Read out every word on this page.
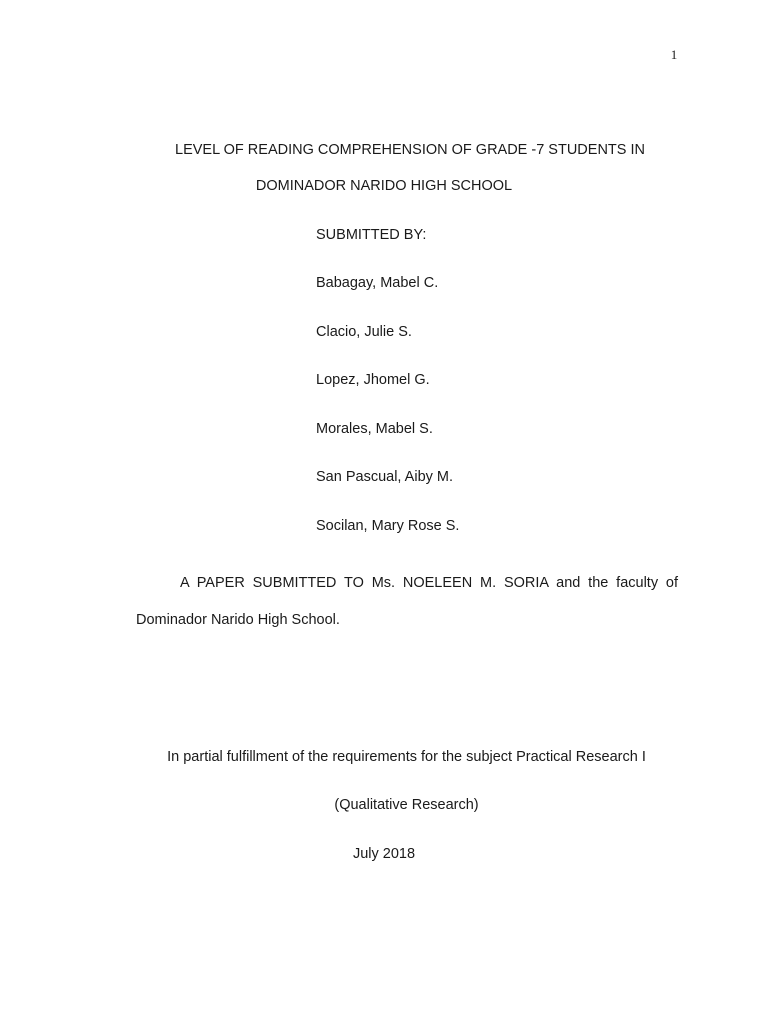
1
LEVEL OF READING COMPREHENSION OF GRADE -7 STUDENTS IN
DOMINADOR NARIDO HIGH SCHOOL
SUBMITTED BY:
Babagay, Mabel C.
Clacio, Julie S.
Lopez, Jhomel G.
Morales, Mabel S.
San Pascual, Aiby M.
Socilan, Mary Rose S.
A PAPER SUBMITTED TO Ms. NOELEEN M. SORIA and the faculty of Dominador Narido High School.
In partial fulfillment of the requirements for the subject Practical Research I
(Qualitative Research)
July 2018
